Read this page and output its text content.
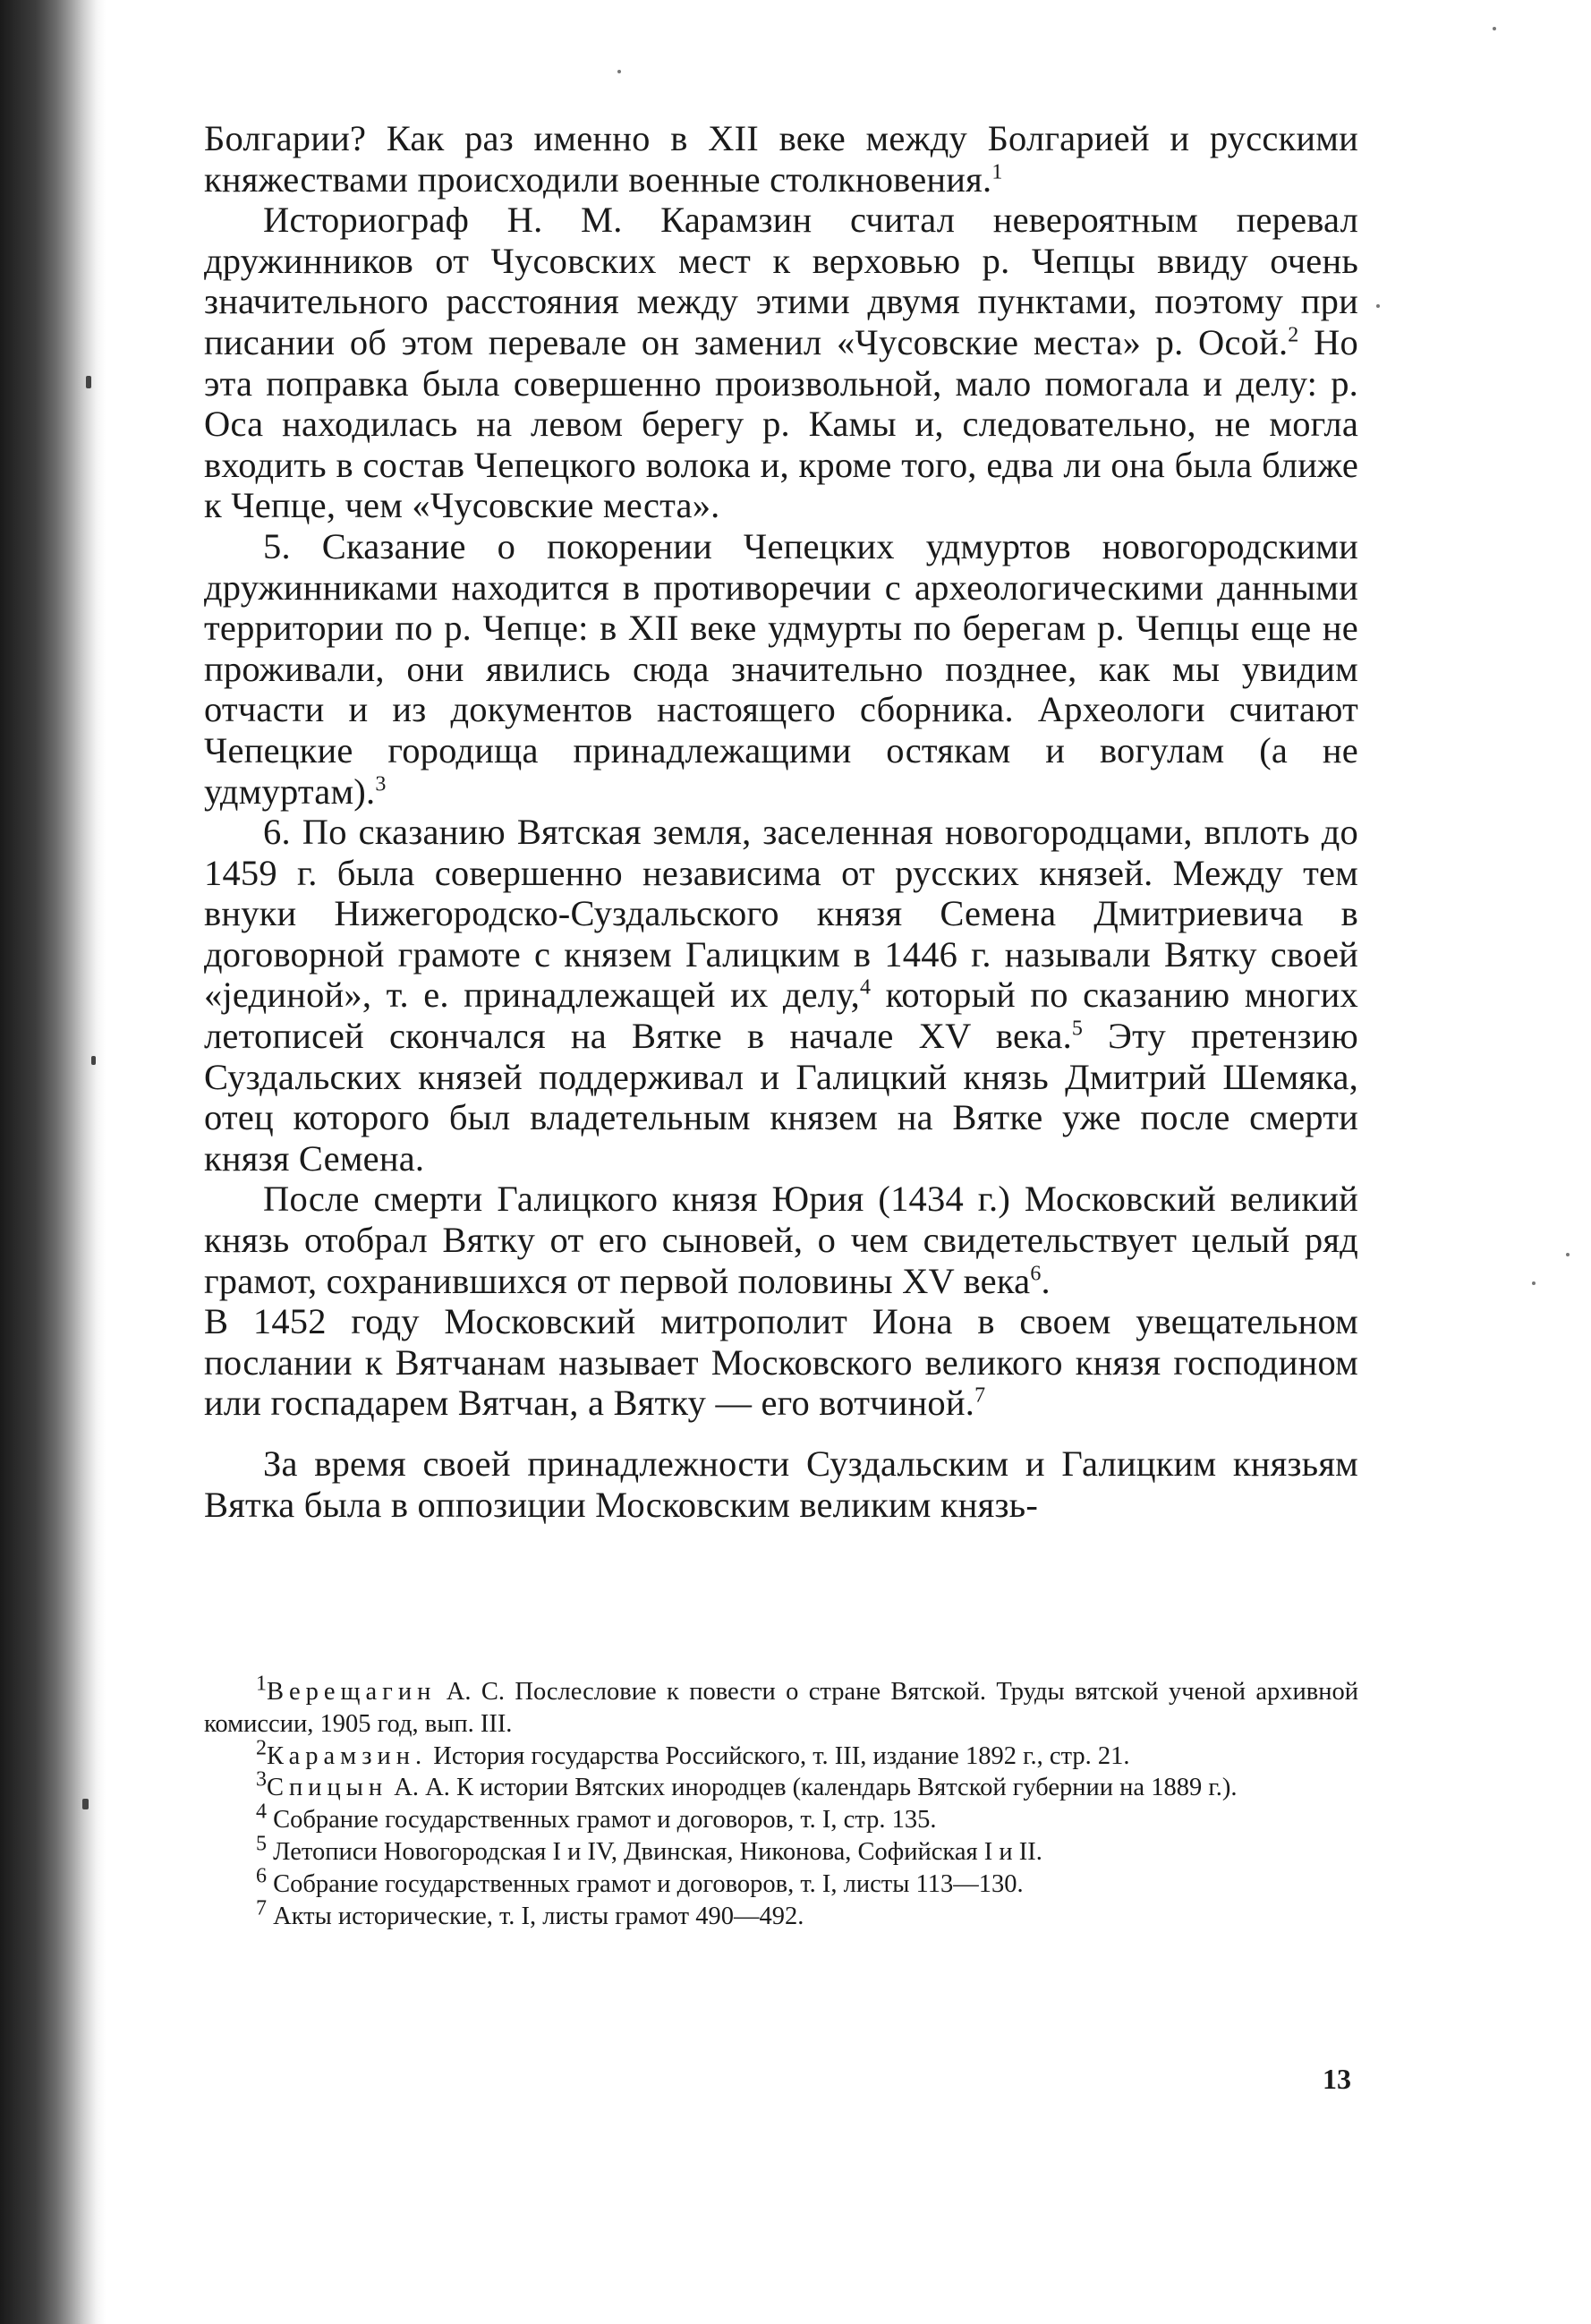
Болгарии? Как раз именно в XII веке между Болгарией и русскими княжествами происходили военные столкновения.$^1$

Историограф Н. М. Карамзин считал невероятным перевал дружинников от Чусовских мест к верховью р. Чепцы ввиду очень значительного расстояния между этими двумя пунктами, поэтому при писании об этом перевале он заменил «Чусовские места» р. Осой.$^2$ Но эта поправка была совершенно произвольной, мало помогала и делу: р. Оса находилась на левом берегу р. Камы и, следовательно, не могла входить в состав Чепецкого волока и, кроме того, едва ли она была ближе к Чепце, чем «Чусовские места».

5. Сказание о покорении Чепецких удмуртов новогородскими дружинниками находится в противоречии с археологическими данными территории по р. Чепце: в XII веке удмурты по берегам р. Чепцы еще не проживали, они явились сюда значительно позднее, как мы увидим отчасти и из документов настоящего сборника. Археологи считают Чепецкие городища принадлежащими остякам и вогулам (а не удмуртам).$^3$

6. По сказанию Вятская земля, заселенная новогородцами, вплоть до 1459 г. была совершенно независима от русских князей. Между тем внуки Нижегородско-Суздальского князя Семена Дмитриевича в договорной грамоте с князем Галицким в 1446 г. называли Вятку своей «јединой», т. е. принадлежащей их делу,$^4$ который по сказанию многих летописей скончался на Вятке в начале XV века.$^5$ Эту претензию Суздальских князей поддерживал и Галицкий князь Дмитрий Шемяка, отец которого был владетельным князем на Вятке уже после смерти князя Семена.

После смерти Галицкого князя Юрия (1434 г.) Московский великий князь отобрал Вятку от его сыновей, о чем свидетельствует целый ряд грамот, сохранившихся от первой половины XV века$^6$.

В 1452 году Московский митрополит Иона в своем увещательном послании к Вятчанам называет Московского великого князя господином или госпадарем Вятчан, а Вятку — его вотчиной.$^7$

За время своей принадлежности Суздальским и Галицким князьям Вятка была в оппозиции Московским великим князь-

$^1$Верещагин А. С. Послесловие к повести о стране Вятской. Труды вятской ученой архивной комиссии, 1905 год, вып. III.

$^2$Карамзин. История государства Российского, т. III, издание 1892 г., стр. 21.

$^3$Спицын А. А. К истории Вятских инородцев (календарь Вятской губернии на 1889 г.).

$^4$ Собрание государственных грамот и договоров, т. I, стр. 135.

$^5$ Летописи Новогородская I и IV, Двинская, Никонова, Софийская I и II.

$^6$ Собрание государственных грамот и договоров, т. I, листы 113—130.

$^7$ Акты исторические, т. I, листы грамот 490—492.

13
